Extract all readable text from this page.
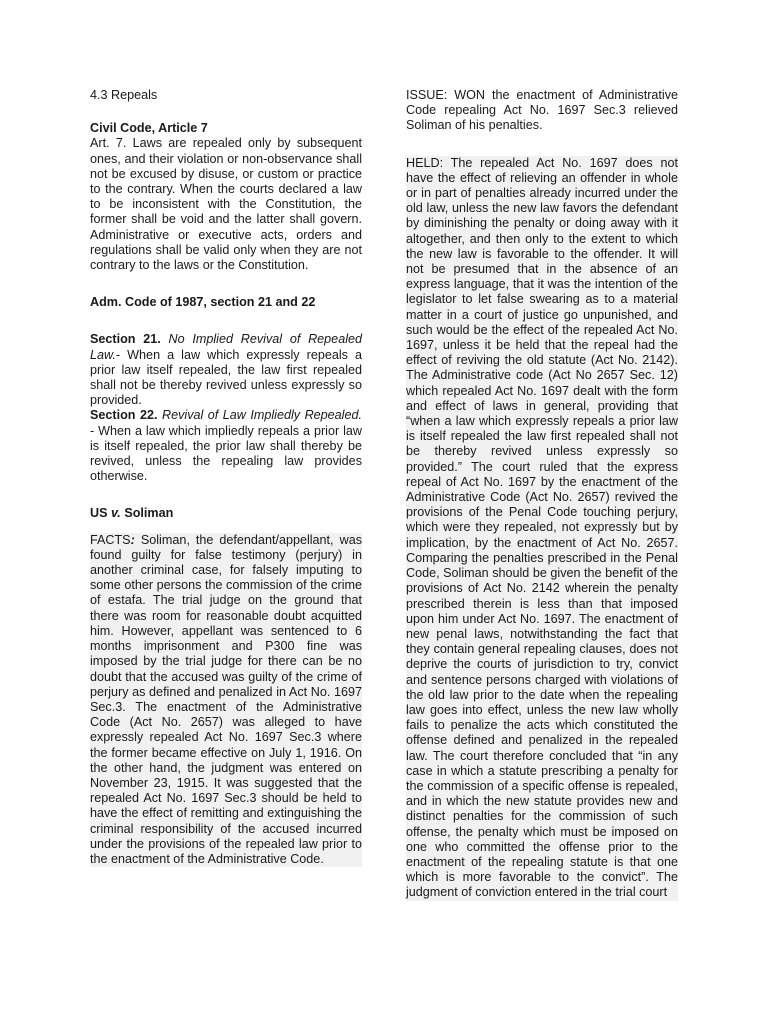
4.3 Repeals

Civil Code, Article 7

Art. 7. Laws are repealed only by subsequent ones, and their violation or non-observance shall not be excused by disuse, or custom or practice to the contrary. When the courts declared a law to be inconsistent with the Constitution, the former shall be void and the latter shall govern. Administrative or executive acts, orders and regulations shall be valid only when they are not contrary to the laws or the Constitution.

Adm. Code of 1987, section 21 and 22

Section 21. No Implied Revival of Repealed Law.- When a law which expressly repeals a prior law itself repealed, the law first repealed shall not be thereby revived unless expressly so provided.

Section 22. Revival of Law Impliedly Repealed. - When a law which impliedly repeals a prior law is itself repealed, the prior law shall thereby be revived, unless the repealing law provides otherwise.

US v. Soliman

FACTS: Soliman, the defendant/appellant, was found guilty for false testimony (perjury) in another criminal case, for falsely imputing to some other persons the commission of the crime of estafa. The trial judge on the ground that there was room for reasonable doubt acquitted him. However, appellant was sentenced to 6 months imprisonment and P300 fine was imposed by the trial judge for there can be no doubt that the accused was guilty of the crime of perjury as defined and penalized in Act No. 1697 Sec.3. The enactment of the Administrative Code (Act No. 2657) was alleged to have expressly repealed Act No. 1697 Sec.3 where the former became effective on July 1, 1916. On the other hand, the judgment was entered on November 23, 1915. It was suggested that the repealed Act No. 1697 Sec.3 should be held to have the effect of remitting and extinguishing the criminal responsibility of the accused incurred under the provisions of the repealed law prior to the enactment of the Administrative Code.

ISSUE: WON the enactment of Administrative Code repealing Act No. 1697 Sec.3 relieved Soliman of his penalties.

HELD: The repealed Act No. 1697 does not have the effect of relieving an offender in whole or in part of penalties already incurred under the old law, unless the new law favors the defendant by diminishing the penalty or doing away with it altogether, and then only to the extent to which the new law is favorable to the offender. It will not be presumed that in the absence of an express language, that it was the intention of the legislator to let false swearing as to a material matter in a court of justice go unpunished, and such would be the effect of the repealed Act No. 1697, unless it be held that the repeal had the effect of reviving the old statute (Act No. 2142). The Administrative code (Act No 2657 Sec. 12) which repealed Act No. 1697 dealt with the form and effect of laws in general, providing that “when a law which expressly repeals a prior law is itself repealed the law first repealed shall not be thereby revived unless expressly so provided.” The court ruled that the express repeal of Act No. 1697 by the enactment of the Administrative Code (Act No. 2657) revived the provisions of the Penal Code touching perjury, which were they repealed, not expressly but by implication, by the enactment of Act No. 2657. Comparing the penalties prescribed in the Penal Code, Soliman should be given the benefit of the provisions of Act No. 2142 wherein the penalty prescribed therein is less than that imposed upon him under Act No. 1697. The enactment of new penal laws, notwithstanding the fact that they contain general repealing clauses, does not deprive the courts of jurisdiction to try, convict and sentence persons charged with violations of the old law prior to the date when the repealing law goes into effect, unless the new law wholly fails to penalize the acts which constituted the offense defined and penalized in the repealed law. The court therefore concluded that “in any case in which a statute prescribing a penalty for the commission of a specific offense is repealed, and in which the new statute provides new and distinct penalties for the commission of such offense, the penalty which must be imposed on one who committed the offense prior to the enactment of the repealing statute is that one which is more favorable to the convict”. The judgment of conviction entered in the trial court
